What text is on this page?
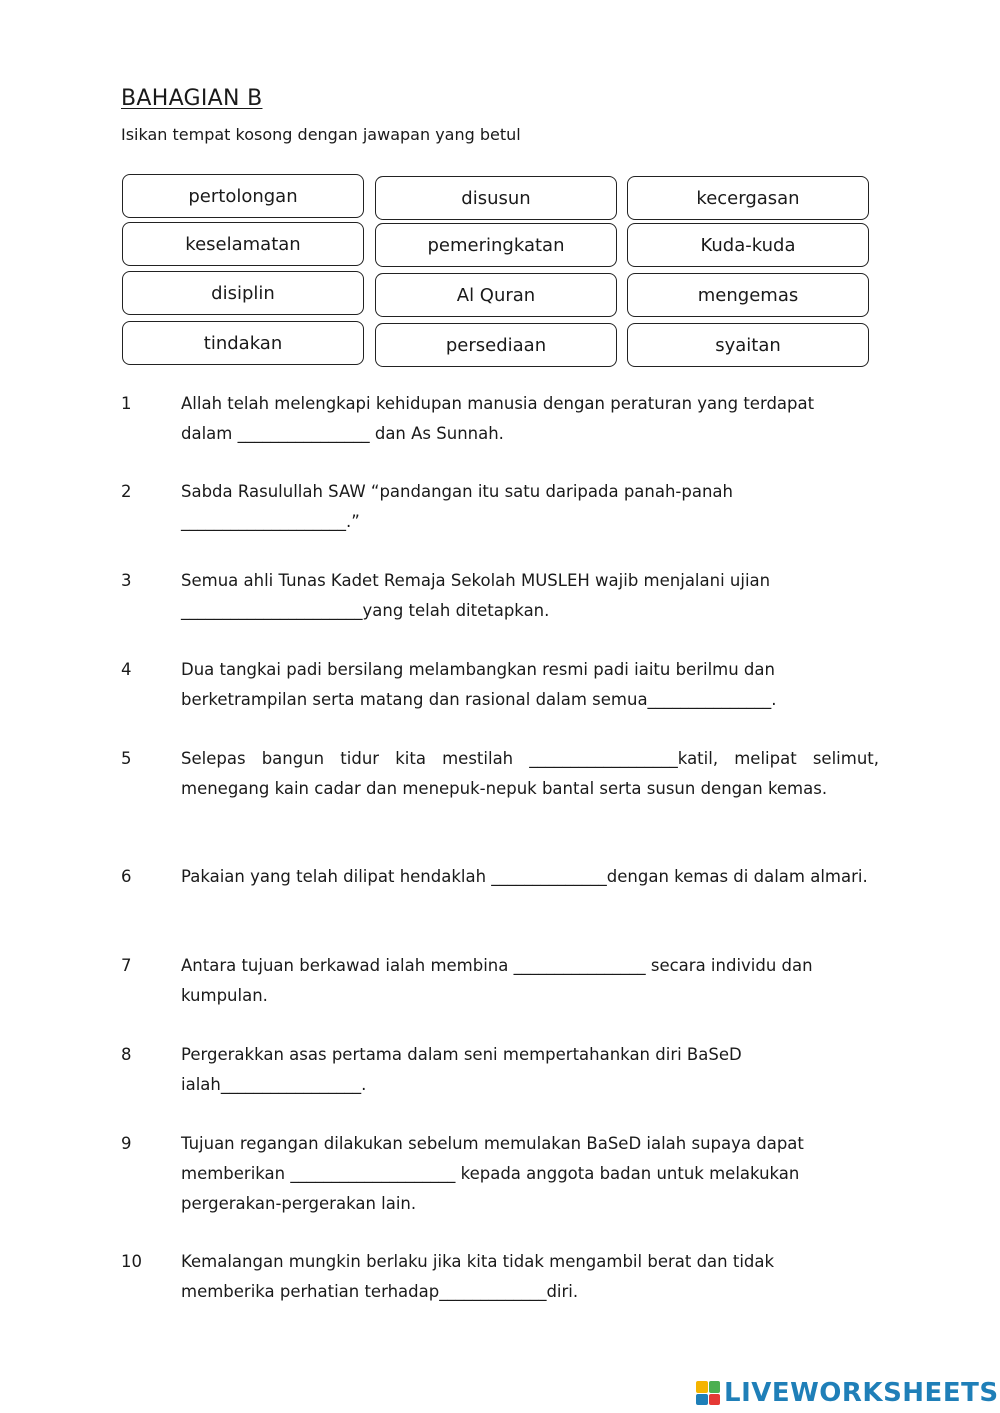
BAHAGIAN B
Isikan tempat kosong dengan jawapan yang betul
pertolongan	disusun	kecergasan
keselamatan	pemeringkatan	Kuda-kuda
disiplin	Al Quran	mengemas
tindakan	persediaan	syaitan
1	Allah telah melengkapi kehidupan manusia dengan peraturan yang terdapat dalam ________________ dan As Sunnah.
2	Sabda Rasulullah SAW “pandangan itu satu daripada panah-panah ____________________.”
3	Semua ahli Tunas Kadet Remaja Sekolah MUSLEH wajib menjalani ujian ______________________yang telah ditetapkan.
4	Dua tangkai padi bersilang melambangkan resmi padi iaitu berilmu dan berketrampilan serta matang dan rasional dalam semua_______________.
5	Selepas bangun tidur kita mestilah __________________katil, melipat selimut, menegang kain cadar dan menepuk-nepuk bantal serta susun dengan kemas.
6	Pakaian yang telah dilipat hendaklah ______________dengan kemas di dalam almari.
7	Antara tujuan berkawad ialah membina ________________ secara individu dan kumpulan.
8	Pergerakkan asas pertama dalam seni mempertahankan diri BaSeD ialah_________________.
9	Tujuan regangan dilakukan sebelum memulakan BaSeD ialah supaya dapat memberikan ____________________ kepada anggota badan untuk melakukan pergerakan-pergerakan lain.
10 Kemalangan mungkin berlaku jika kita tidak mengambil berat dan tidak memberika perhatian terhadap_____________diri.
LIVEWORKSHEETS
